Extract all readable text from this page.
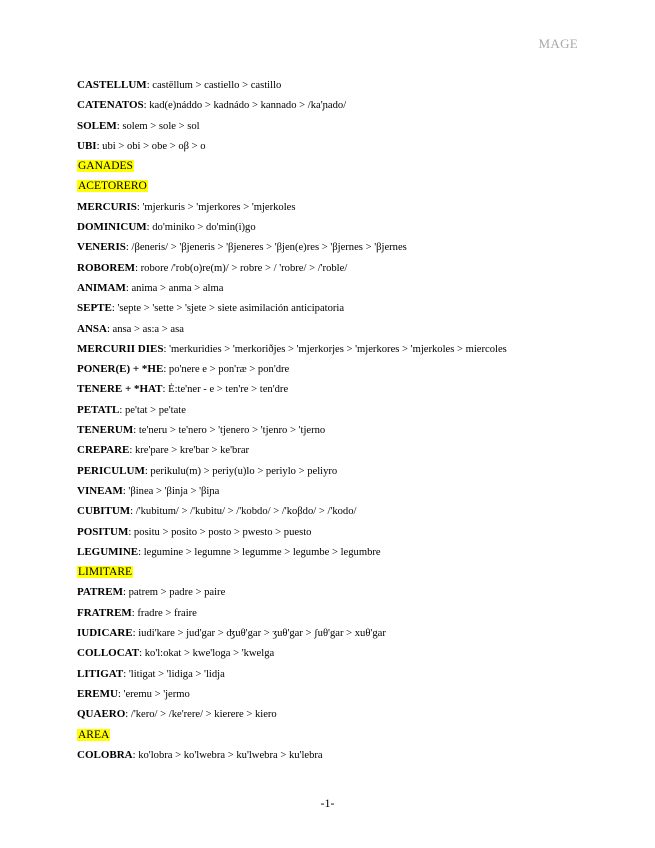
MAGE
CASTELLUM: castēllum > castiello > castillo
CATENATOS: kad(e)náddo > kadnádo > kannado > /ka'ɲado/
SOLEM: solem > sole > sol
UBI: ubi > obi > obe > oβ > o
GANADES
ACETORERO
MERCURIS: 'mjerkuris > 'mjerkores > 'mjerkoles
DOMINICUM: do'miniko > do'min(i)go
VENERIS: /βeneris/ > 'βjeneris > 'βjeneres > 'βjen(e)res > 'βjernes > 'βjernes
ROBOREM: robore /'rob(o)re(m)/ > robre > / 'robre/ > /'roble/
ANIMAM: anima > anma > alma
SEPTE: 'septe > 'sette > 'sjete > siete asimilación anticipatoria
ANSA: ansa > as:a > asa
MERCURII DIES: 'merkuridies > 'merkoriðjes > 'mjerkorjes > 'mjerkores > 'mjerkoles > miercoles
PONER(E) + *HE: po'nere e > pon'ræ > pon'dre
TENERE + *HAT: Ė:te'ner - e > ten're > ten'dre
PETATL: pe'tat > pe'tate
TENERUM: te'neru > te'nero > 'tjenero > 'tjenro > 'tjerno
CREPARE: kre'pare > kre'bar > ke'brar
PERICULUM: perikulu(m) > periy(u)lo > periylo > peliyro
VINEAM: 'βinea > 'βinja > 'βiɲa
CUBITUM: /'kubitum/ > /'kubitu/ > /'kobdo/ > /'koβdo/ > /'kodo/
POSITUM: positu > posito > posto > pwesto > puesto
LEGUMINE: legumine > legumne > legumme > legumbe > legumbre
LIMITARE
PATREM: patrem > padre > paire
FRATREM: fradre > fraire
IUDICARE: iudi'kare > jud'gar > ʤuθ'gar > ʒuθ'gar > ʃuθ'gar > xuθ'gar
COLLOCAT: ko'l:okat > kwe'loga > 'kwelga
LITIGAT: 'litigat > 'lidiga > 'lidja
EREMU: 'eremu > 'jermo
QUAERO: /'kero/ > /ke'rere/ > kierere > kiero
AREA
COLOBRA: ko'lobra > ko'lwebra > ku'lwebra > ku'lebra
-1-
